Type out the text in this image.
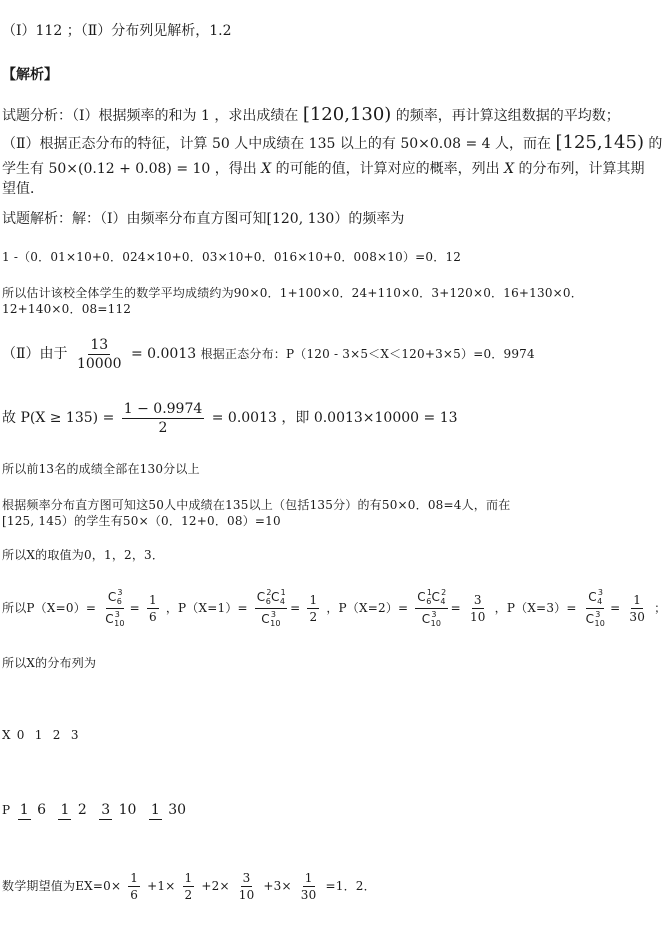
（Ⅰ）112 ；（Ⅱ）分布列见解析，1.2
【解析】
试题分析：（Ⅰ）根据频率的和为 1 ，求出成绩在 [120,130) 的频率，再计算这组数据的平均数；
（Ⅱ）根据正态分布的特征，计算 50 人中成绩在 135 以上的有 50×0.08 = 4 人，而在 [125,145) 的
学生有 50×(0.12 + 0.08) = 10 ，得出 X 的可能的值，计算对应的概率，列出 X 的分布列，计算其期
望值．
试题解析：解：（Ⅰ）由频率分布直方图可知[120, 130）的频率为
1 -（0．01×10+0．024×10+0．03×10+0．016×10+0．008×10）=0．12
所以估计该校全体学生的数学平均成绩约为90×0．1+100×0．24+110×0．3+120×0．16+130×0．
12+140×0．08=112
（Ⅱ）由于 $\frac{13}{10000} = 0.0013$ 根据正态分布：P（120 - 3×5＜X＜120+3×5）=0．9974
故 $P(X \ge 135) = \frac{1 - 0.9974}{2} = 0.0013$ ，即 0.0013×10000 = 13
所以前13名的成绩全部在130分以上
根据频率分布直方图可知这50人中成绩在135以上（包括135分）的有50×0．08=4人，而在
[125, 145）的学生有50×（0．12+0．08）=10
所以X的取值为0，1，2，3．
所以$P(X=0)= \frac{C^3_6}{C^3_{10}} = \frac{1}{6}$ ，$P(X=1)= \frac{C^2_6C^1_4}{C^3_{10}} = \frac{1}{2}$ ，$P(X=2)= \frac{C^1_6C^2_4}{C^3_{10}} = \frac{3}{10}$ ，$P(X=3)= \frac{C^3_4}{C^3_{10}} = \frac{1}{30}$ ；
所以X的分布列为
X 0 1 2 3
P 1 6 1 2 3 10 1 30
数学期望值为$EX=0\times \frac{1}{6} +1\times \frac{1}{2} +2\times \frac{3}{10} +3\times \frac{1}{30} =1$．2．
